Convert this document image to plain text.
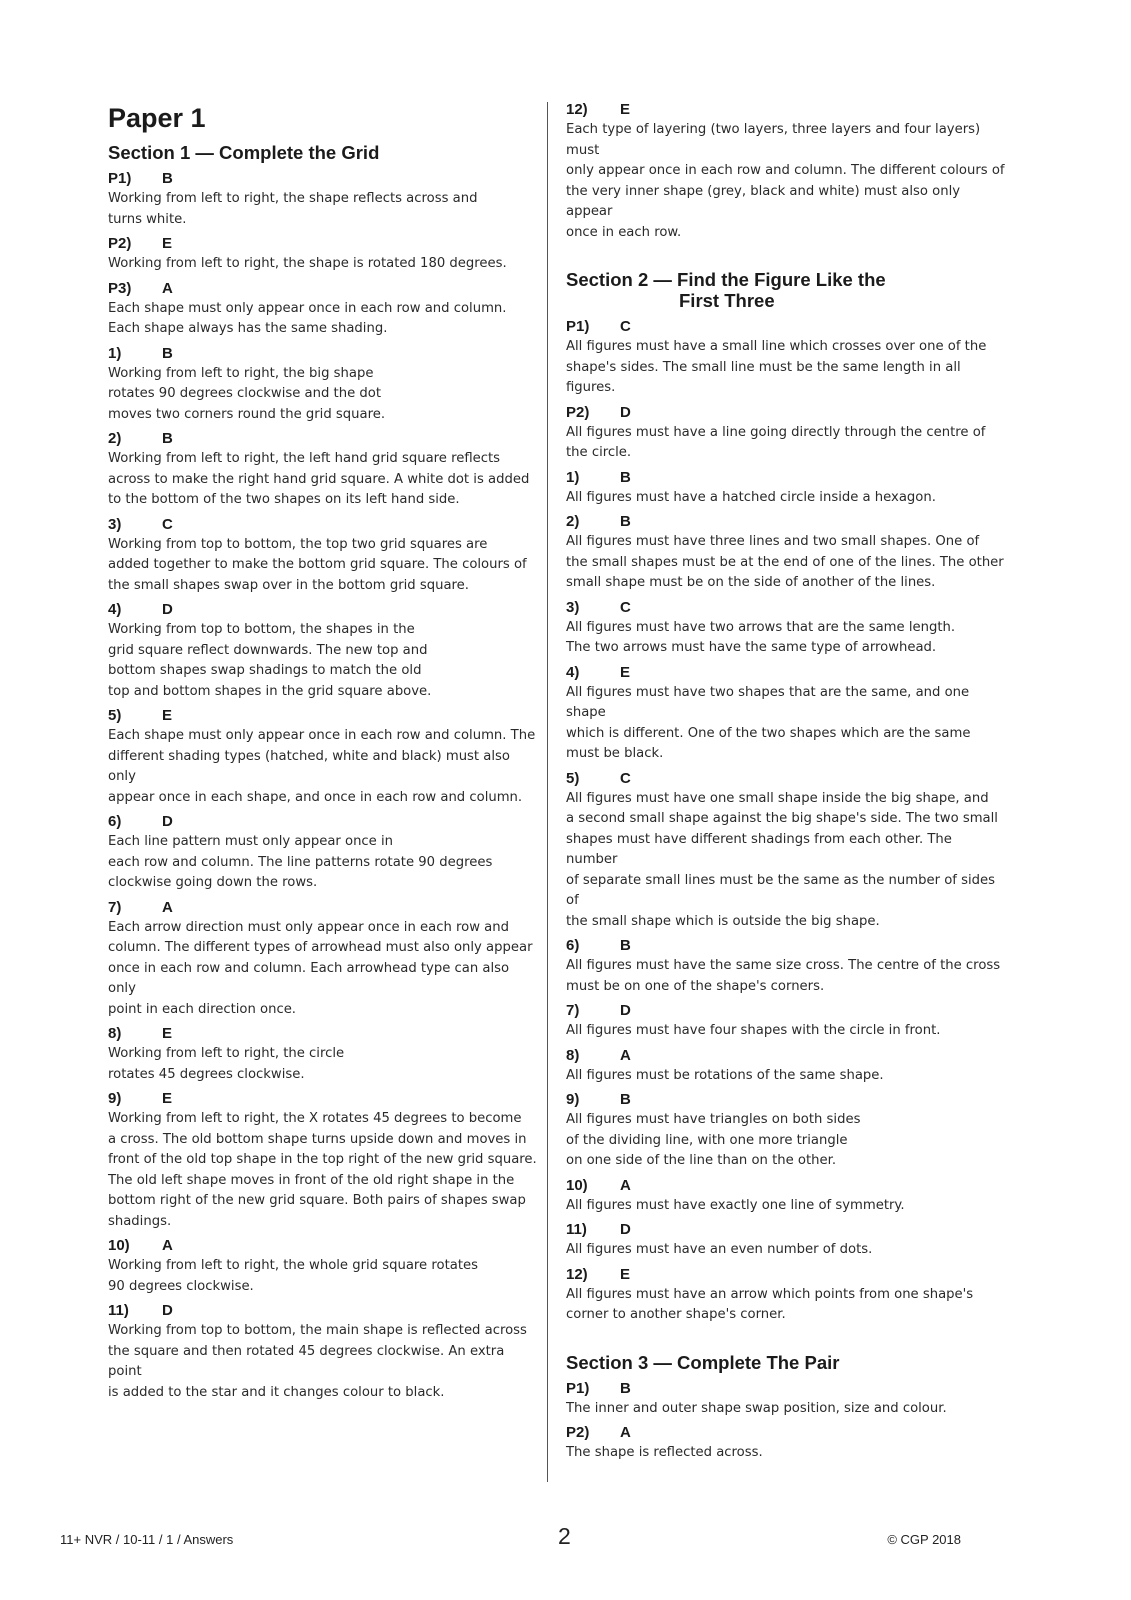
Paper 1
Section 1 — Complete the Grid
P1) B
Working from left to right, the shape reflects across and
turns white.
P2) E
Working from left to right, the shape is rotated 180 degrees.
P3) A
Each shape must only appear once in each row and column.
Each shape always has the same shading.
1)	B
Working from left to right, the big shape
rotates 90 degrees clockwise and the dot
moves two corners round the grid square.
2)	B
Working from left to right, the left hand grid square reflects
across to make the right hand grid square. A white dot is added
to the bottom of the two shapes on its left hand side.
3)	C
Working from top to bottom, the top two grid squares are
added together to make the bottom grid square. The colours of
the small shapes swap over in the bottom grid square.
4)	D
Working from top to bottom, the shapes in the
grid square reflect downwards. The new top and
bottom shapes swap shadings to match the old
top and bottom shapes in the grid square above.
5)	E
Each shape must only appear once in each row and column. The
different shading types (hatched, white and black) must also only
appear once in each shape, and once in each row and column.
6)	D
Each line pattern must only appear once in
each row and column. The line patterns rotate 90 degrees
clockwise going down the rows.
7)	A
Each arrow direction must only appear once in each row and
column. The different types of arrowhead must also only appear
once in each row and column. Each arrowhead type can also only
point in each direction once.
8)	E
Working from left to right, the circle
rotates 45 degrees clockwise.
9)	E
Working from left to right, the X rotates 45 degrees to become
a cross. The old bottom shape turns upside down and moves in
front of the old top shape in the top right of the new grid square.
The old left shape moves in front of the old right shape in the
bottom right of the new grid square. Both pairs of shapes swap
shadings.
10) A
Working from left to right, the whole grid square rotates
90 degrees clockwise.
11) D
Working from top to bottom, the main shape is reflected across
the square and then rotated 45 degrees clockwise. An extra point
is added to the star and it changes colour to black.
12) E
Each type of layering (two layers, three layers and four layers) must
only appear once in each row and column. The different colours of
the very inner shape (grey, black and white) must also only appear
once in each row.
Section 2 — Find the Figure Like the
First Three
P1) C
All figures must have a small line which crosses over one of the
shape's sides. The small line must be the same length in all figures.
P2) D
All figures must have a line going directly through the centre of
the circle.
1)	B
All figures must have a hatched circle inside a hexagon.
2)	B
All figures must have three lines and two small shapes. One of
the small shapes must be at the end of one of the lines. The other
small shape must be on the side of another of the lines.
3)	C
All figures must have two arrows that are the same length.
The two arrows must have the same type of arrowhead.
4)	E
All figures must have two shapes that are the same, and one shape
which is different. One of the two shapes which are the same
must be black.
5)	C
All figures must have one small shape inside the big shape, and
a second small shape against the big shape's side. The two small
shapes must have different shadings from each other. The number
of separate small lines must be the same as the number of sides of
the small shape which is outside the big shape.
6)	B
All figures must have the same size cross. The centre of the cross
must be on one of the shape's corners.
7)	D
All figures must have four shapes with the circle in front.
8)	A
All figures must be rotations of the same shape.
9)	B
All figures must have triangles on both sides
of the dividing line, with one more triangle
on one side of the line than on the other.
10) A
All figures must have exactly one line of symmetry.
11) D
All figures must have an even number of dots.
12) E
All figures must have an arrow which points from one shape's
corner to another shape's corner.
Section 3 — Complete The Pair
P1) B
The inner and outer shape swap position, size and colour.
P2) A
The shape is reflected across.
11+ NVR / 10-11 / 1 / Answers	2	© CGP 2018
